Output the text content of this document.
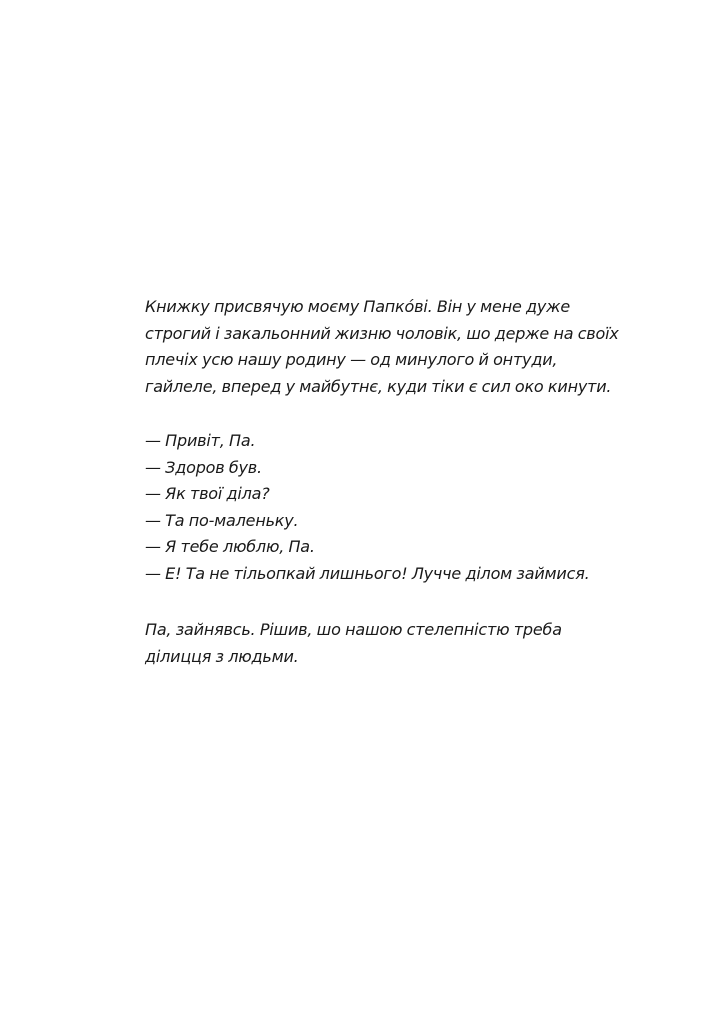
Книжку присвячую моєму Папкóві. Він у мене дуже
строгий і закальонний жизню чоловік, шо держе на своїх
плечіх усю нашу родину — од минулого й онтуди,
гайлеле, вперед у майбутнє, куди тіки є сил око кинути.
— Привіт, Па.
— Здоров був.
— Як твої діла?
— Та по-маленьку.
— Я тебе люблю, Па.
— Е! Та не тільопкай лишнього! Лучче ділом займися.
Па, зайнявсь. Рішив, шо нашою стелепністю треба
ділицця з людьми.
